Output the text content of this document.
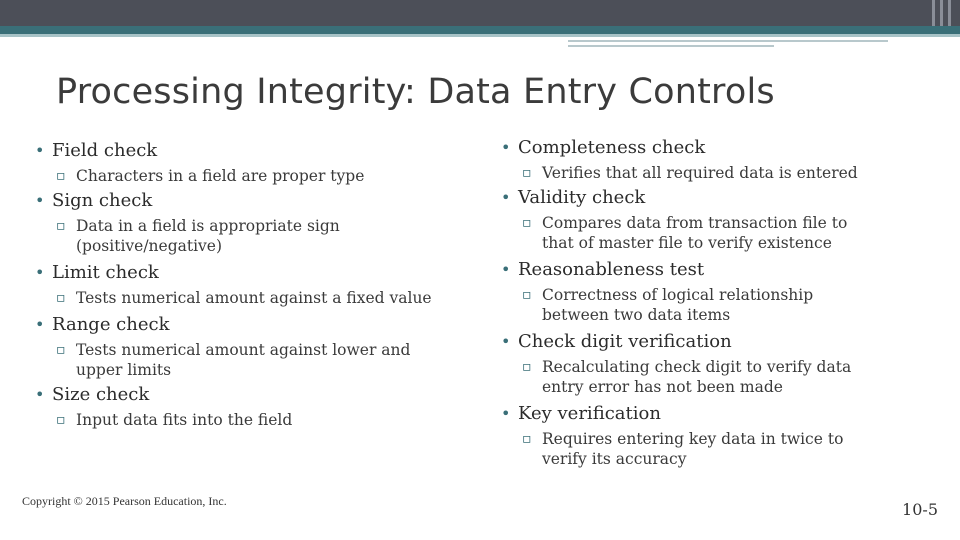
Processing Integrity: Data Entry Controls
• Field check
▫ Characters in a field are proper type
• Sign check
▫ Data in a field is appropriate sign (positive/negative)
• Limit check
▫ Tests numerical amount against a fixed value
• Range check
▫ Tests numerical amount against lower and upper limits
• Size check
▫ Input data fits into the field
• Completeness check
▫ Verifies that all required data is entered
• Validity check
▫ Compares data from transaction file to that of master file to verify existence
• Reasonableness test
▫ Correctness of logical relationship between two data items
• Check digit verification
▫ Recalculating check digit to verify data entry error has not been made
• Key verification
▫ Requires entering key data in twice to verify its accuracy
Copyright © 2015 Pearson Education, Inc.	10-5
